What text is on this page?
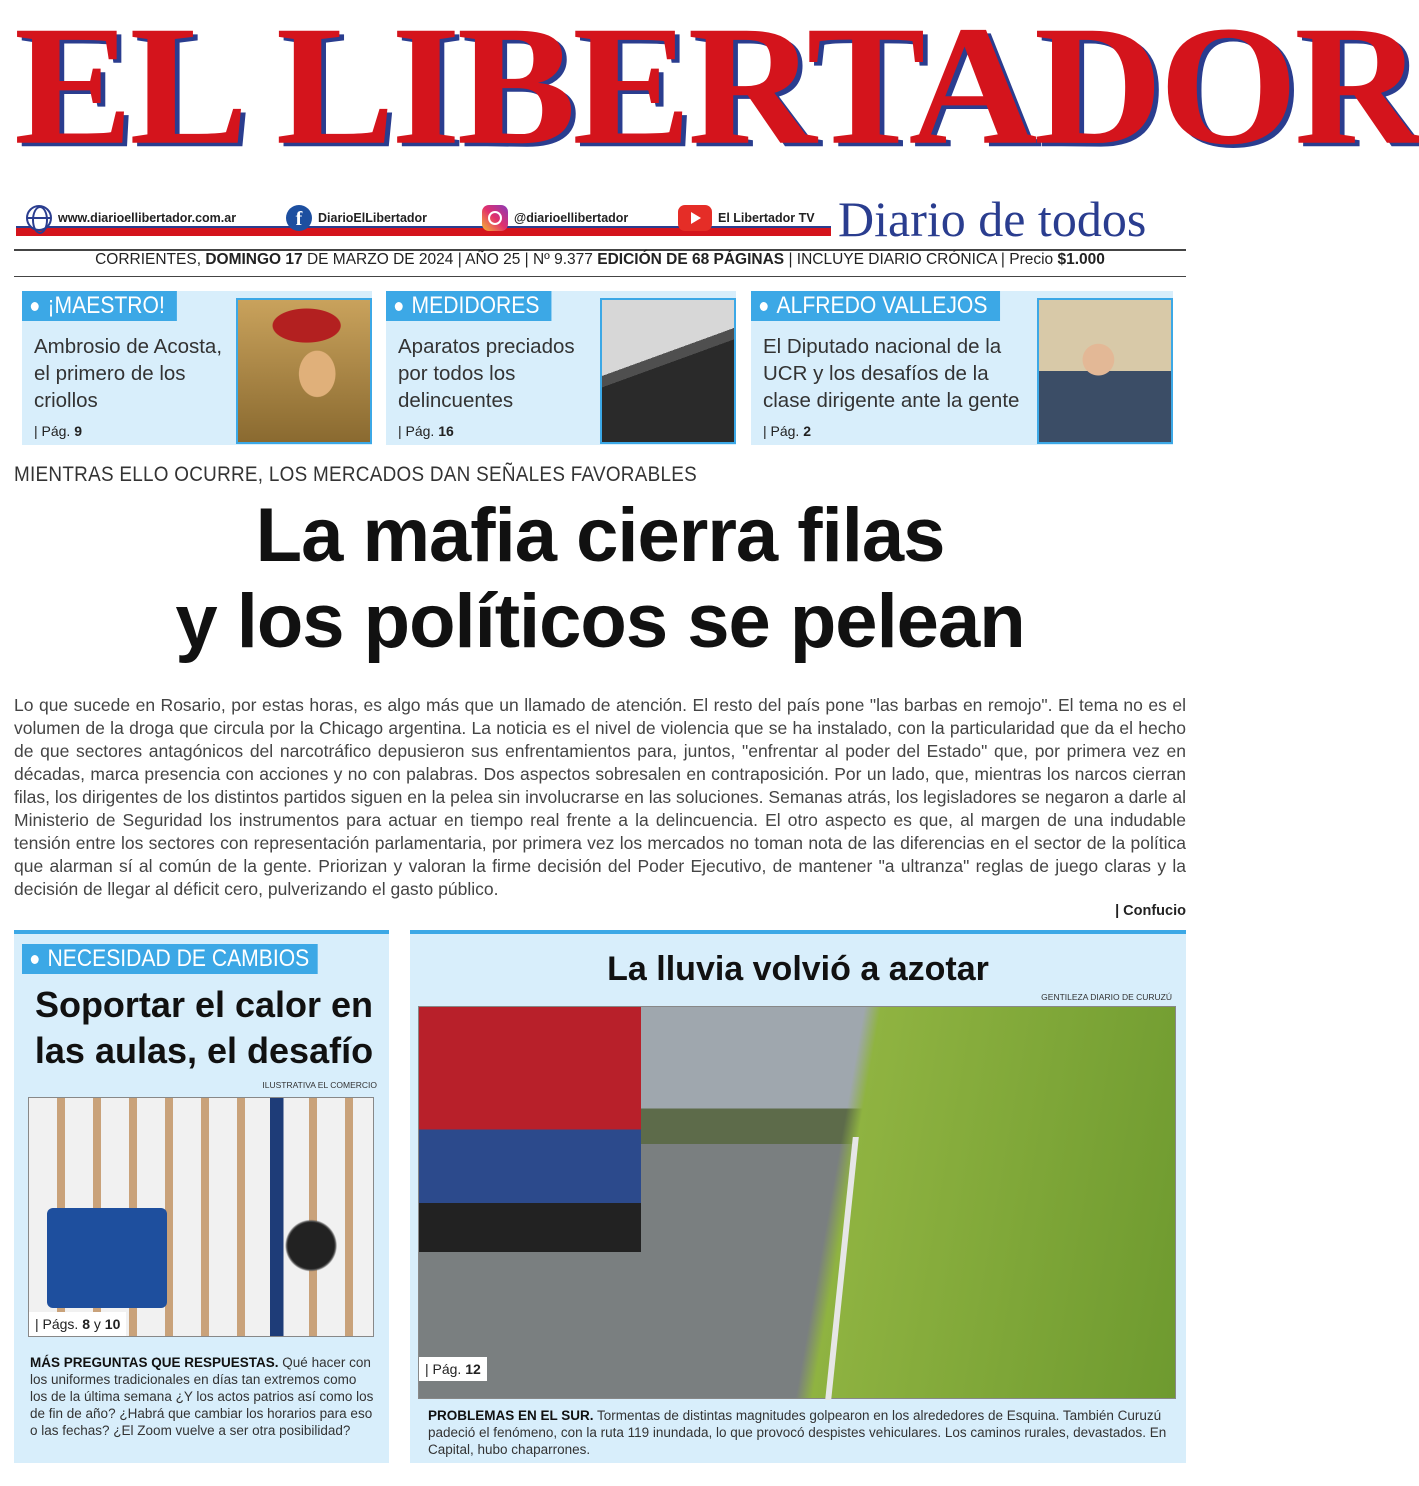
EL LIBERTADOR
www.diarioellibertador.com.ar	f	DiarioElLibertador	@diarioellibertador	El Libertador TV Diario de todos
CORRIENTES, DOMINGO 17 DE MARZO DE 2024 | AÑO 25 | Nº 9.377 EDICIÓN DE 68 PÁGINAS | INCLUYE DIARIO CRÓNICA | Precio $1.000
¡MAESTRO!
Ambrosio de Acosta, el primero de los criollos
| Pág. 9
MEDIDORES
Aparatos preciados por todos los delincuentes
| Pág. 16
ALFREDO VALLEJOS
El Diputado nacional de la UCR y los desafíos de la clase dirigente ante la gente
| Pág. 2
MIENTRAS ELLO OCURRE, LOS MERCADOS DAN SEÑALES FAVORABLES
La mafia cierra filas
y los políticos se pelean
Lo que sucede en Rosario, por estas horas, es algo más que un llamado de atención. El resto del país pone "las barbas en remojo". El tema no es el volumen de la droga que circula por la Chicago argentina. La noticia es el nivel de violencia que se ha instalado, con la particularidad que da el hecho de que sectores antagónicos del narcotráfico depusieron sus enfrentamientos para, juntos, "enfrentar al poder del Estado" que, por primera vez en décadas, marca presencia con acciones y no con palabras. Dos aspectos sobresalen en contraposición. Por un lado, que, mientras los narcos cierran filas, los dirigentes de los distintos partidos siguen en la pelea sin involucrarse en las soluciones. Semanas atrás, los legisladores se negaron a darle al Ministerio de Seguridad los instrumentos para actuar en tiempo real frente a la delincuencia. El otro aspecto es que, al margen de una indudable tensión entre los sectores con representación parlamentaria, por primera vez los mercados no toman nota de las diferencias en el sector de la política que alarman sí al común de la gente. Priorizan y valoran la firme decisión del Poder Ejecutivo, de mantener "a ultranza" reglas de juego claras y la decisión de llegar al déficit cero, pulverizando el gasto público.
| Confucio
NECESIDAD DE CAMBIOS
Soportar el calor en las aulas, el desafío
ILUSTRATIVA EL COMERCIO
| Págs. 8 y 10
MÁS PREGUNTAS QUE RESPUESTAS. Qué hacer con los uniformes tradicionales en días tan extremos como los de la última semana ¿Y los actos patrios así como los de fin de año? ¿Habrá que cambiar los horarios para eso o las fechas? ¿El Zoom vuelve a ser otra posibilidad?
La lluvia volvió a azotar
GENTILEZA DIARIO DE CURUZÚ
| Pág. 12
PROBLEMAS EN EL SUR. Tormentas de distintas magnitudes golpearon en los alrededores de Esquina. También Curuzú padeció el fenómeno, con la ruta 119 inundada, lo que provocó despistes vehiculares. Los caminos rurales, devastados. En Capital, hubo chaparrones.
